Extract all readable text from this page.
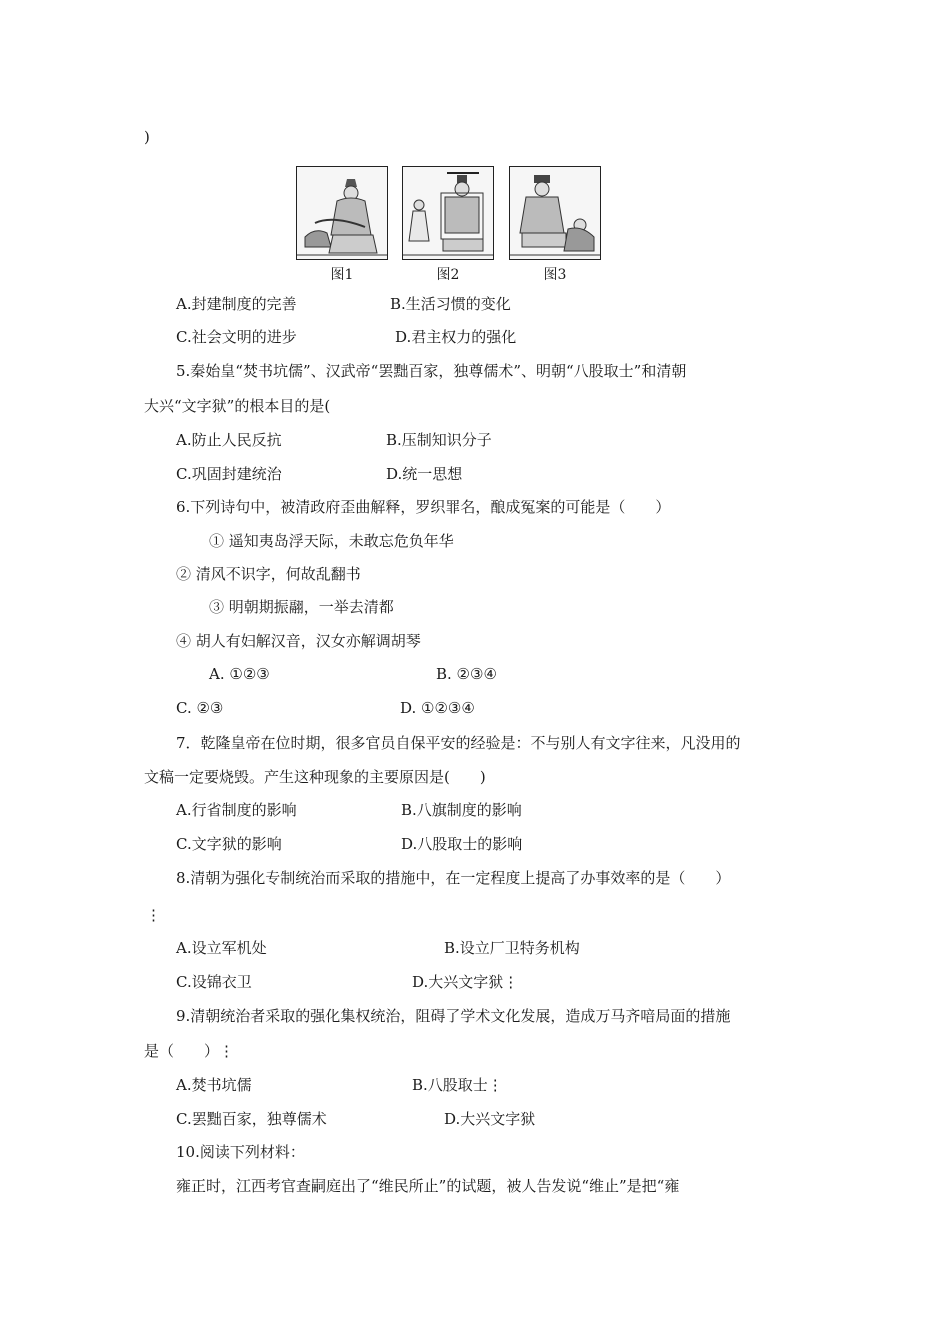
)
图1	图2	图3
A.封建制度的完善	B.生活习惯的变化
C.社会文明的进步	D.君主权力的强化
5.秦始皇“焚书坑儒”、汉武帝“罢黜百家，独尊儒术”、明朝“八股取士”和清朝
大兴“文字狱”的根本目的是(
A.防止人民反抗	B.压制知识分子
C.巩固封建统治	D.统一思想
6.下列诗句中，被清政府歪曲解释，罗织罪名，酿成冤案的可能是（　　）
① 遥知夷岛浮天际，未敢忘危负年华
② 清风不识字，何故乱翻书
③ 明朝期振翮，一举去清都
④ 胡人有妇解汉音，汉女亦解调胡琴
A. ①②③	B. ②③④
C. ②③	D. ①②③④
7．乾隆皇帝在位时期，很多官员自保平安的经验是：不与别人有文字往来，凡没用的
文稿一定要烧毁。产生这种现象的主要原因是(　　)
A.行省制度的影响	B.八旗制度的影响
C.文字狱的影响	D.八股取士的影响
8.清朝为强化专制统治而采取的措施中，在一定程度上提高了办事效率的是（　　）
⋮
A.设立军机处	B.设立厂卫特务机构
C.设锦衣卫	D.大兴文字狱⋮
9.清朝统治者采取的强化集权统治，阻碍了学术文化发展，造成万马齐喑局面的措施
是（　　）⋮
A.焚书坑儒	B.八股取士⋮
C.罢黜百家，独尊儒术	D.大兴文字狱
10.阅读下列材料：
雍正时，江西考官查嗣庭出了“维民所止”的试题，被人告发说“维止”是把“雍
